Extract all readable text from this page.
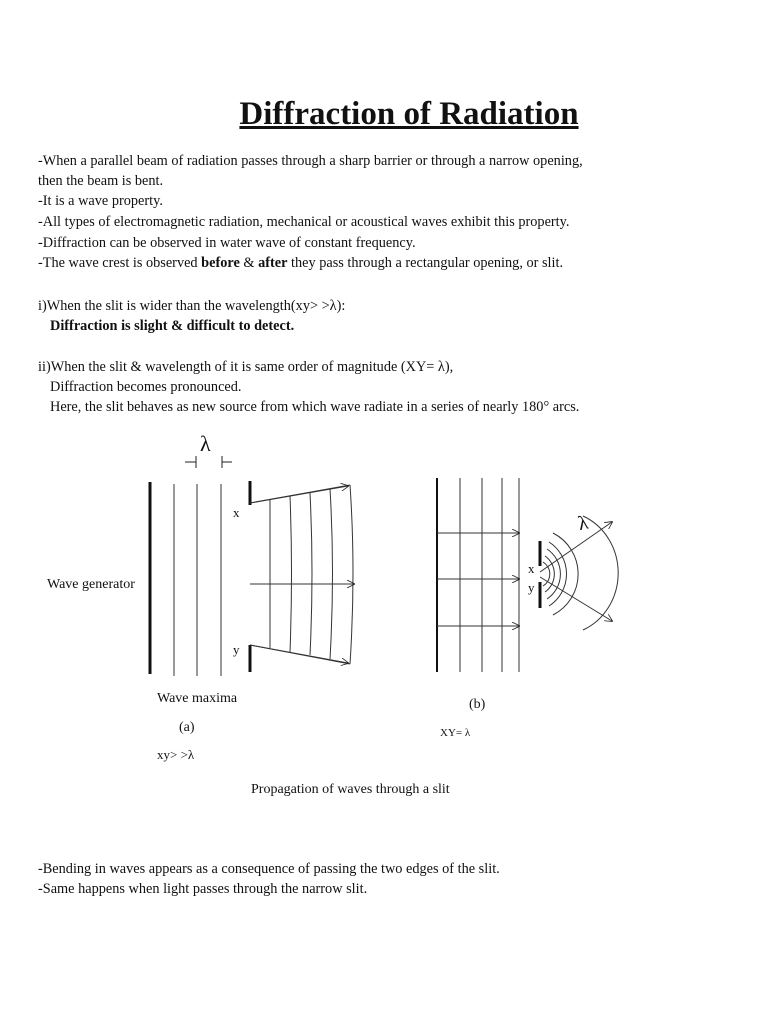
Diffraction of Radiation
-When a parallel beam of radiation passes through a sharp barrier or through a narrow opening,
then the beam is bent.
-It is a wave property.
-All types of electromagnetic radiation, mechanical or acoustical waves exhibit this property.
-Diffraction can be observed in water wave of constant frequency.
-The wave crest is observed before & after they pass through a rectangular opening, or slit.
i)When the slit is wider than the wavelength(xy> >λ):
Diffraction is slight & difficult to detect.
ii)When the slit & wavelength of it is same order of magnitude (XY= λ),
Diffraction becomes pronounced.
Here, the slit behaves as new source from which wave radiate in a series of nearly 180° arcs.
λ
x
y
Wave generator
Wave maxima
(a)
xy> >λ
λ
x
y
(b)
XY= λ
Propagation of waves through a slit
-Bending in waves appears as a consequence of passing the two edges of the slit.
-Same happens when light passes through the narrow slit.
